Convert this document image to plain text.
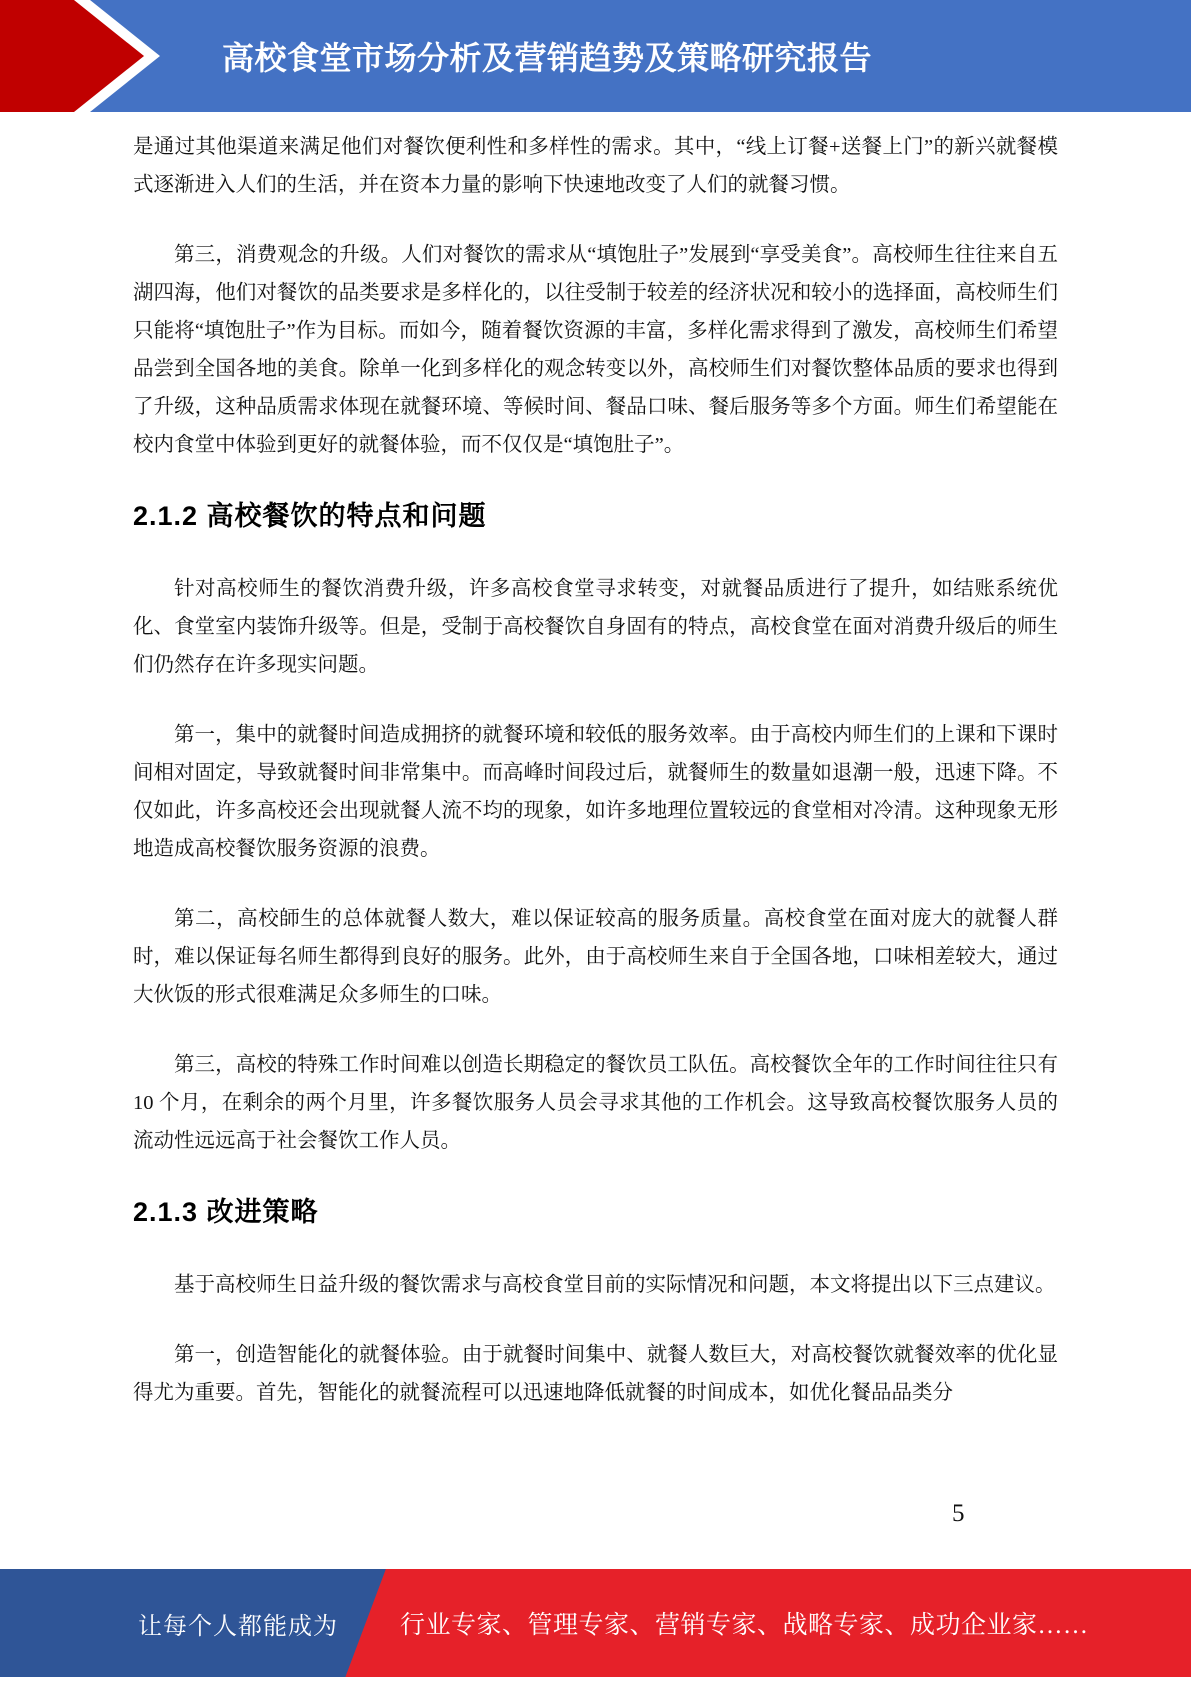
高校食堂市场分析及营销趋势及策略研究报告

是通过其他渠道来满足他们对餐饮便利性和多样性的需求。其中，“线上订餐+送餐上门”的新兴就餐模式逐渐进入人们的生活，并在资本力量的影响下快速地改变了人们的就餐习惯。

第三，消费观念的升级。人们对餐饮的需求从“填饱肚子”发展到“享受美食”。高校师生往往来自五湖四海，他们对餐饮的品类要求是多样化的，以往受制于较差的经济状况和较小的选择面，高校师生们只能将“填饱肚子”作为目标。而如今，随着餐饮资源的丰富，多样化需求得到了激发，高校师生们希望品尝到全国各地的美食。除单一化到多样化的观念转变以外，高校师生们对餐饮整体品质的要求也得到了升级，这种品质需求体现在就餐环境、等候时间、餐品口味、餐后服务等多个方面。师生们希望能在校内食堂中体验到更好的就餐体验，而不仅仅是“填饱肚子”。

2.1.2 高校餐饮的特点和问题

针对高校师生的餐饮消费升级，许多高校食堂寻求转变，对就餐品质进行了提升，如结账系统优化、食堂室内装饰升级等。但是，受制于高校餐饮自身固有的特点，高校食堂在面对消费升级后的师生们仍然存在许多现实问题。

第一，集中的就餐时间造成拥挤的就餐环境和较低的服务效率。由于高校内师生们的上课和下课时间相对固定，导致就餐时间非常集中。而高峰时间段过后，就餐师生的数量如退潮一般，迅速下降。不仅如此，许多高校还会出现就餐人流不均的现象，如许多地理位置较远的食堂相对冷清。这种现象无形地造成高校餐饮服务资源的浪费。

第二，高校師生的总体就餐人数大，难以保证较高的服务质量。高校食堂在面对庞大的就餐人群时，难以保证每名师生都得到良好的服务。此外，由于高校师生来自于全国各地，口味相差较大，通过大伙饭的形式很难满足众多师生的口味。

第三，高校的特殊工作时间难以创造长期稳定的餐饮员工队伍。高校餐饮全年的工作时间往往只有 10 个月，在剩余的两个月里，许多餐饮服务人员会寻求其他的工作机会。这导致高校餐饮服务人员的流动性远远高于社会餐饮工作人员。

2.1.3 改进策略

基于高校师生日益升级的餐饮需求与高校食堂目前的实际情况和问题，本文将提出以下三点建议。

第一，创造智能化的就餐体验。由于就餐时间集中、就餐人数巨大，对高校餐饮就餐效率的优化显得尤为重要。首先，智能化的就餐流程可以迅速地降低就餐的时间成本，如优化餐品品类分

5
让每个人都能成为 行业专家、管理专家、营销专家、战略专家、成功企业家……
